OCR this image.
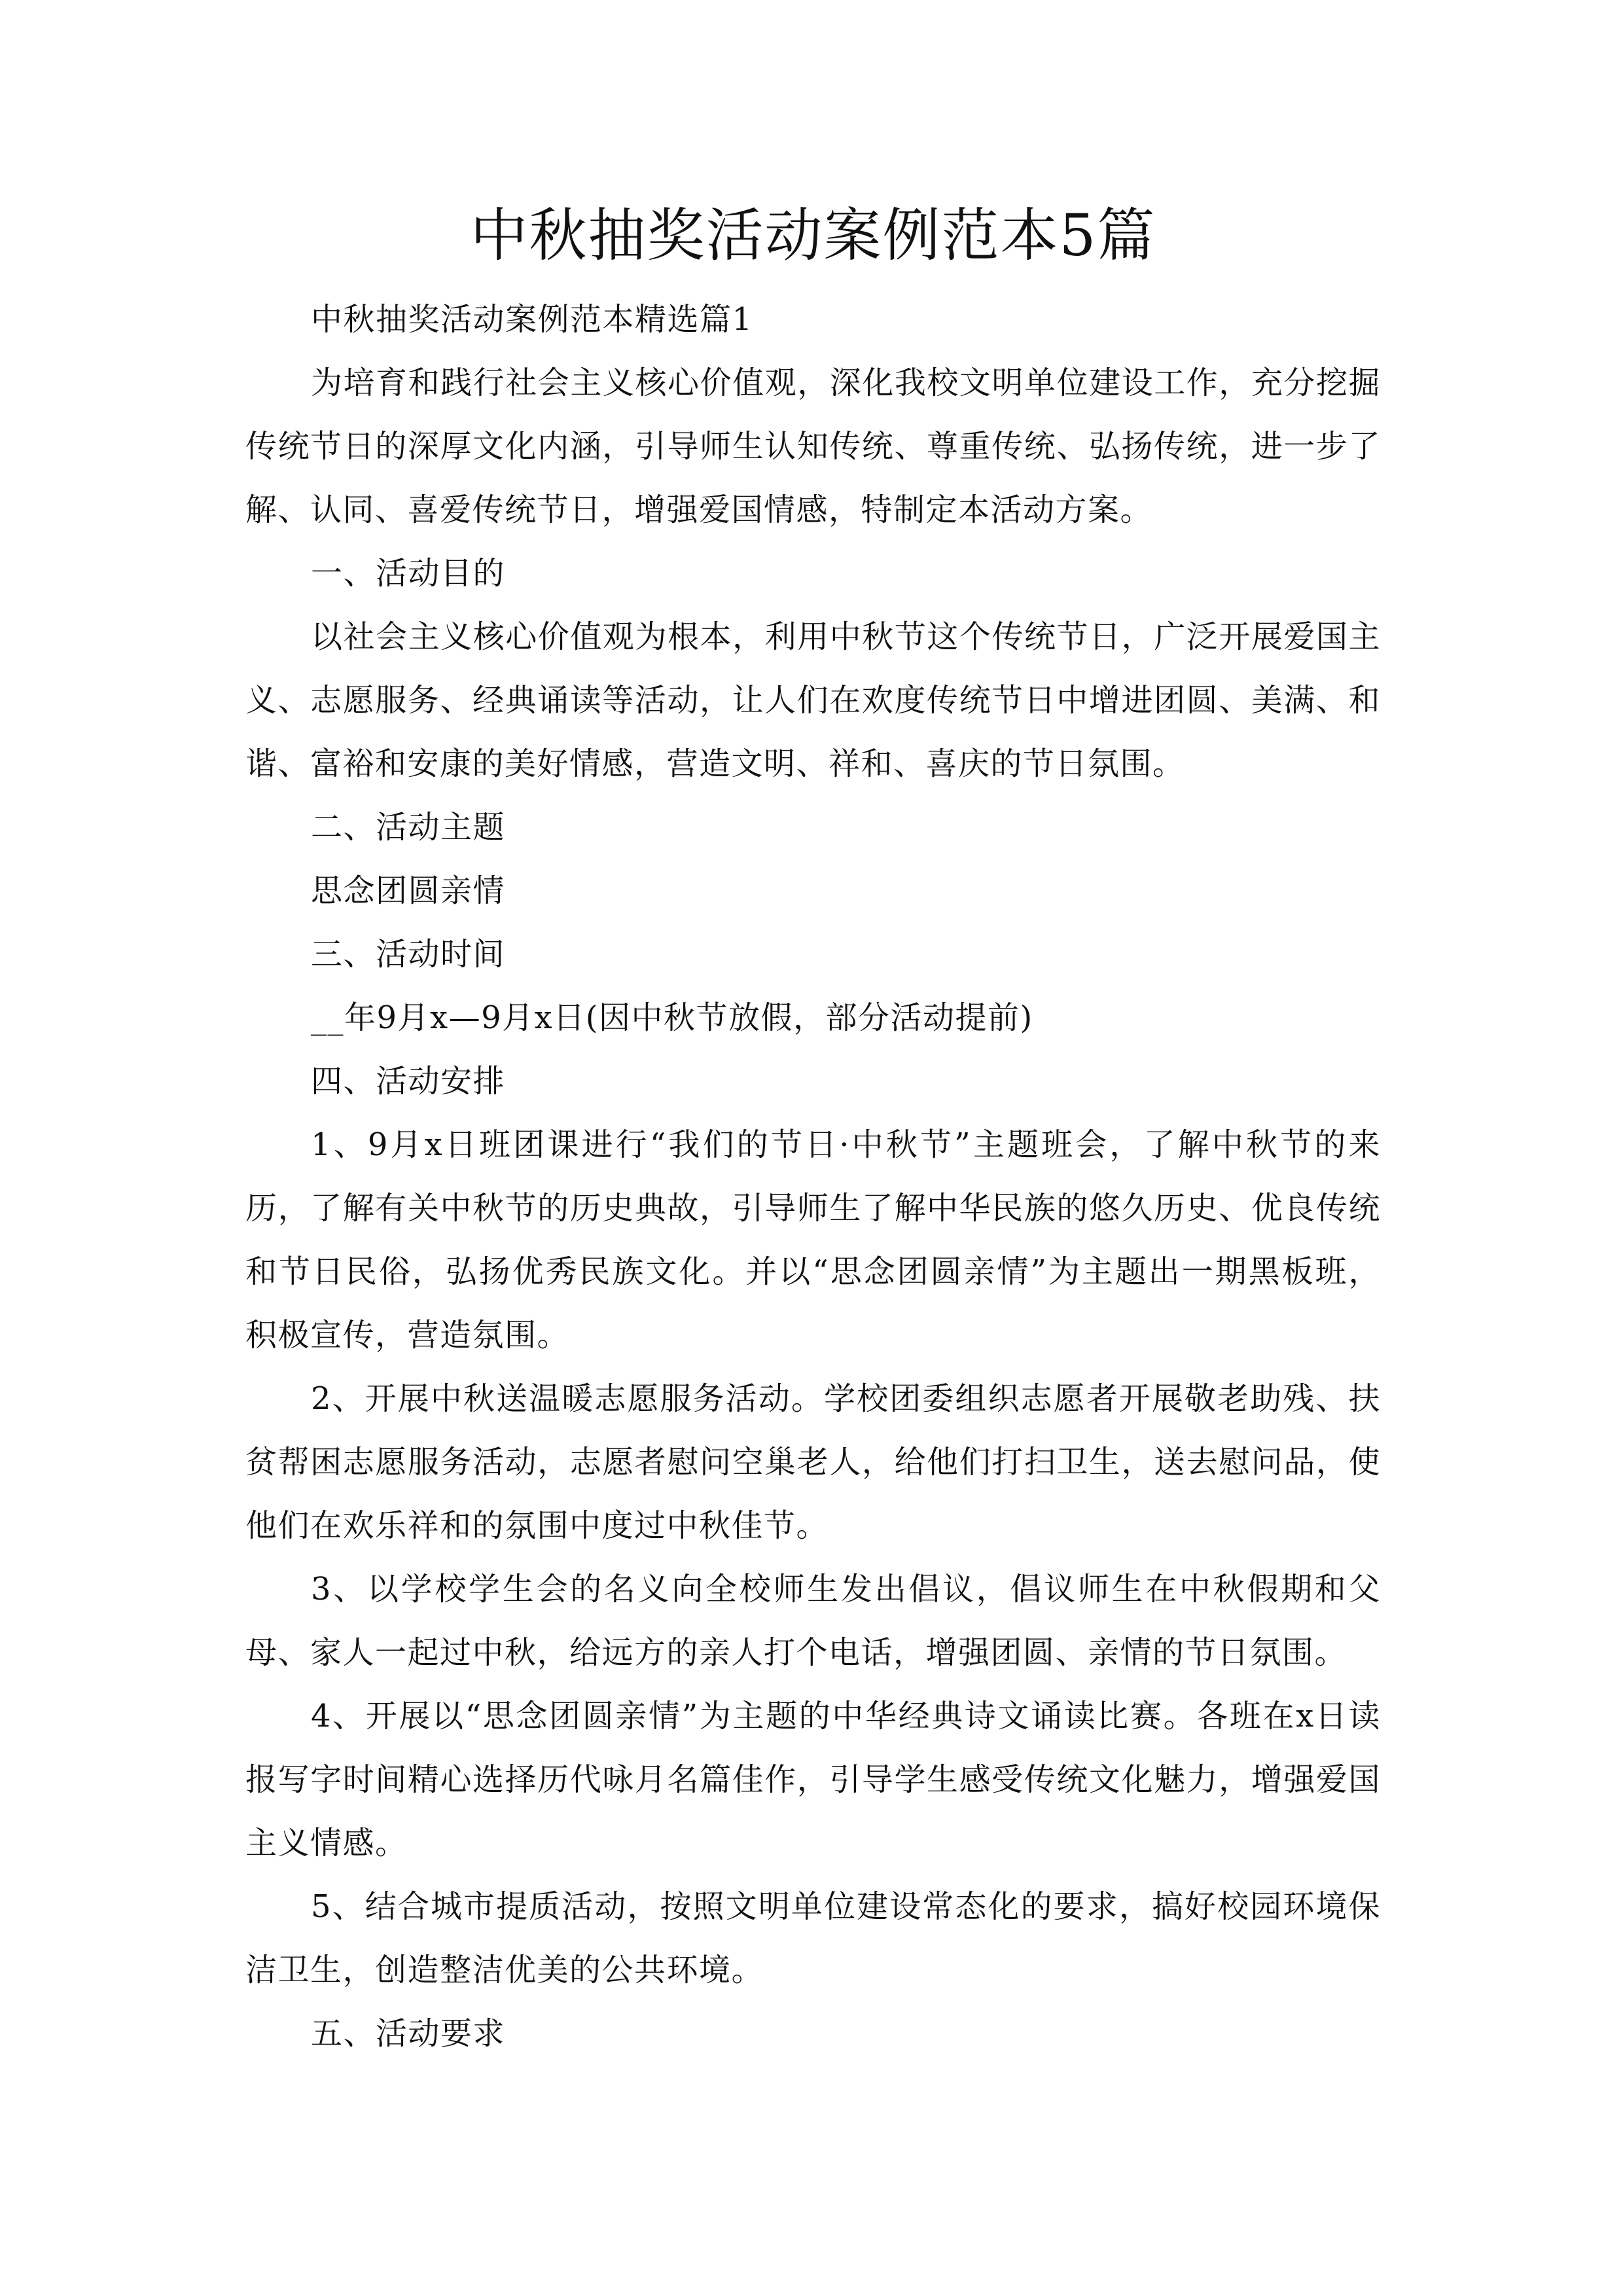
中秋抽奖活动案例范本5篇

中秋抽奖活动案例范本精选篇1

为培育和践行社会主义核心价值观，深化我校文明单位建设工作，充分挖掘传统节日的深厚文化内涵，引导师生认知传统、尊重传统、弘扬传统，进一步了解、认同、喜爱传统节日，增强爱国情感，特制定本活动方案。

一、活动目的

以社会主义核心价值观为根本，利用中秋节这个传统节日，广泛开展爱国主义、志愿服务、经典诵读等活动，让人们在欢度传统节日中增进团圆、美满、和谐、富裕和安康的美好情感，营造文明、祥和、喜庆的节日氛围。

二、活动主题

思念团圆亲情

三、活动时间

__年9月x—9月x日(因中秋节放假，部分活动提前)

四、活动安排

1、9月x日班团课进行“我们的节日·中秋节”主题班会，了解中秋节的来历，了解有关中秋节的历史典故，引导师生了解中华民族的悠久历史、优良传统和节日民俗，弘扬优秀民族文化。并以“思念团圆亲情”为主题出一期黑板班，积极宣传，营造氛围。

2、开展中秋送温暖志愿服务活动。学校团委组织志愿者开展敬老助残、扶贫帮困志愿服务活动，志愿者慰问空巢老人，给他们打扫卫生，送去慰问品，使他们在欢乐祥和的氛围中度过中秋佳节。

3、以学校学生会的名义向全校师生发出倡议，倡议师生在中秋假期和父母、家人一起过中秋，给远方的亲人打个电话，增强团圆、亲情的节日氛围。

4、开展以“思念团圆亲情”为主题的中华经典诗文诵读比赛。各班在x日读报写字时间精心选择历代咏月名篇佳作，引导学生感受传统文化魅力，增强爱国主义情感。

5、结合城市提质活动，按照文明单位建设常态化的要求，搞好校园环境保洁卫生，创造整洁优美的公共环境。

五、活动要求
